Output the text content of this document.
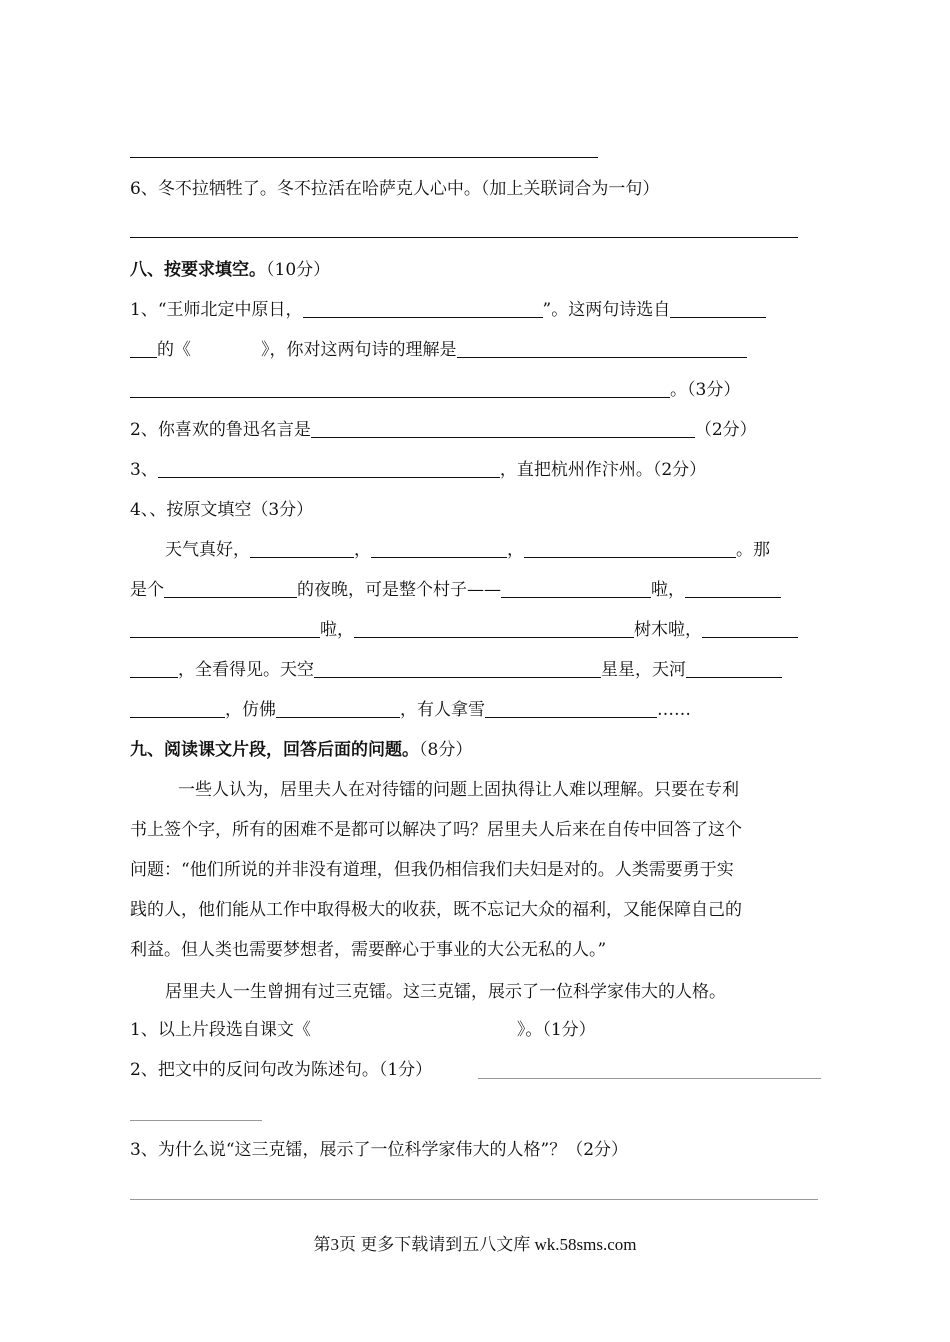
6、冬不拉牺牲了。冬不拉活在哈萨克人心中。（加上关联词合为一句）
八、按要求填空。（10分）
1、“王师北定中原日，	”。这两句诗选自
的《	》，你对这两句诗的理解是
。（3分）
2、你喜欢的鲁迅名言是	（2分）
3、	，直把杭州作汴州。（2分）
4、、按原文填空（3分）
天气真好，	，	，	。那
是个	的夜晚，可是整个村子——	啦，
啦，	树木啦，
，全看得见。天空	星星，天河
，仿佛	，有人拿雪	……
九、阅读课文片段，回答后面的问题。（8分）
一些人认为，居里夫人在对待镭的问题上固执得让人难以理解。只要在专利
书上签个字，所有的困难不是都可以解决了吗？居里夫人后来在自传中回答了这个
问题：“他们所说的并非没有道理，但我仍相信我们夫妇是对的。人类需要勇于实
践的人，他们能从工作中取得极大的收获，既不忘记大众的福利，又能保障自己的
利益。但人类也需要梦想者，需要醉心于事业的大公无私的人。”
居里夫人一生曾拥有过三克镭。这三克镭，展示了一位科学家伟大的人格。
1、以上片段选自课文《	》。（1分）
2、把文中的反问句改为陈述句。（1分）
3、为什么说“这三克镭，展示了一位科学家伟大的人格”？（2分）
第3页 更多下载请到五八文库 wk.58sms.com
